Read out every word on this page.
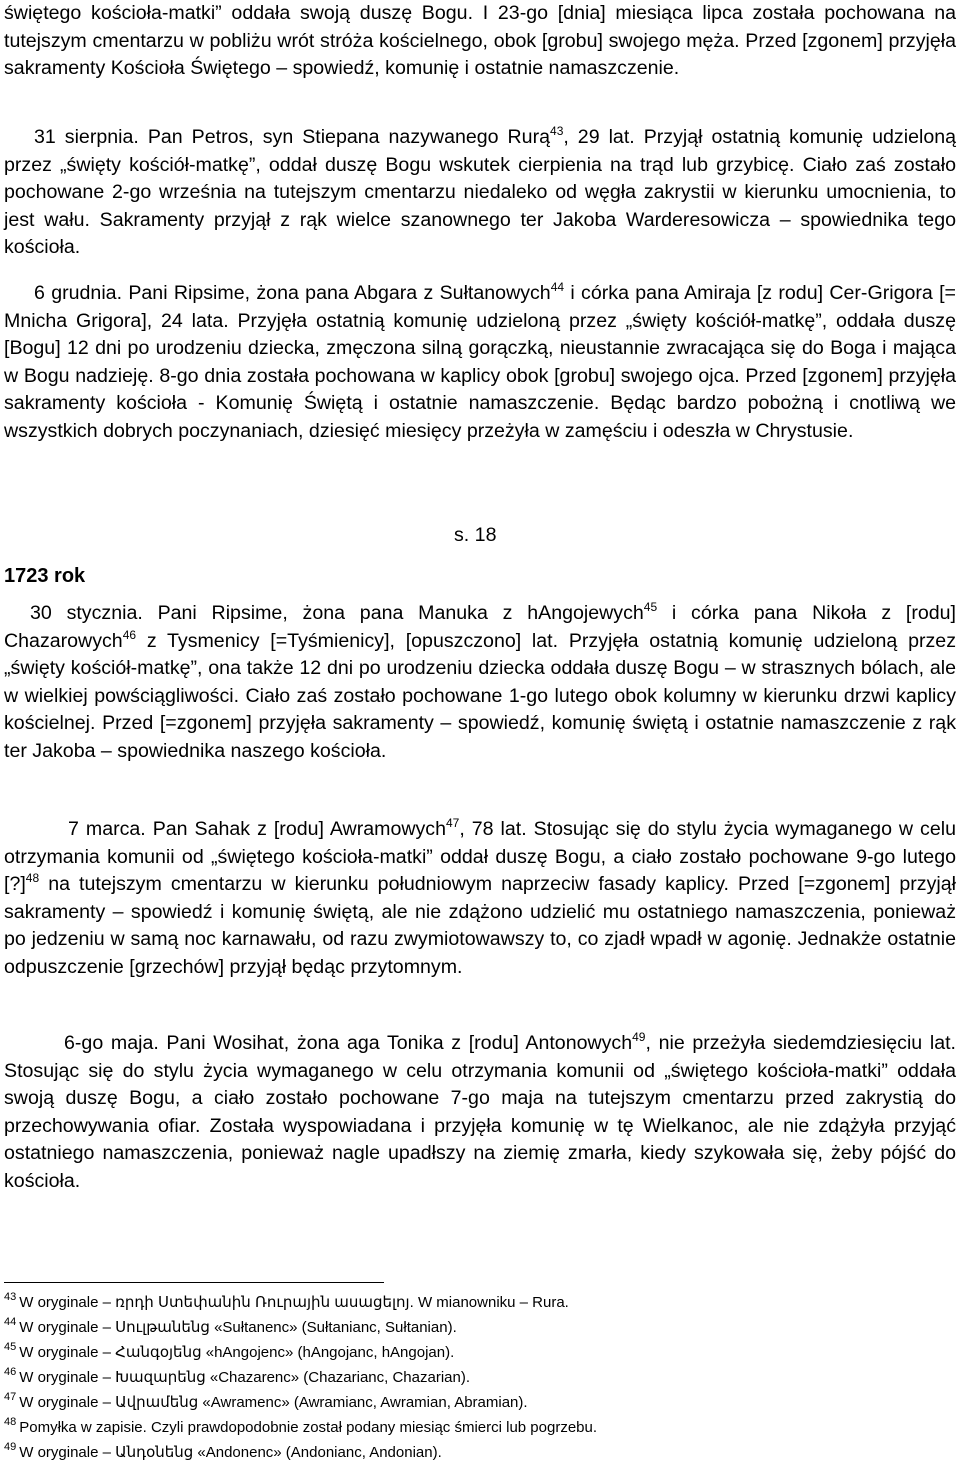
świętego kościoła-matki” oddała swoją duszę Bogu. I 23-go [dnia] miesiąca lipca została pochowana na tutejszym cmentarzu w pobliżu wrót stróża kościelnego, obok [grobu] swojego męża. Przed [zgonem] przyjęła sakramenty Kościoła Świętego – spowiedź, komunię i ostatnie namaszczenie.

31 sierpnia. Pan Petros, syn Stiepana nazywanego Rurą$^{43}$, 29 lat. Przyjął ostatnią komunię udzieloną przez „święty kościół-matkę”, oddał duszę Bogu wskutek cierpienia na trąd lub grzybicę. Ciało zaś zostało pochowane 2-go września na tutejszym cmentarzu niedaleko od węgła zakrystii w kierunku umocnienia, to jest wału. Sakramenty przyjął z rąk wielce szanownego ter Jakoba Warderesowicza – spowiednika tego kościoła.

6 grudnia. Pani Ripsime, żona pana Abgara z Sułtanowych$^{44}$ i córka pana Amiraja [z rodu] Cer-Grigora [= Mnicha Grigora], 24 lata. Przyjęła ostatnią komunię udzieloną przez „święty kościół-matkę”, oddała duszę [Bogu] 12 dni po urodzeniu dziecka, zmęczona silną gorączką, nieustannie zwracająca się do Boga i mająca w Bogu nadzieję. 8-go dnia została pochowana w kaplicy obok [grobu] swojego ojca. Przed [zgonem] przyjęła sakramenty kościoła - Komunię Świętą i ostatnie namaszczenie. Będąc bardzo pobożną i cnotliwą we wszystkich dobrych poczynaniach, dziesięć miesięcy przeżyła w zamęściu i odeszła w Chrystusie.

s. 18
1723 rok

30 stycznia. Pani Ripsime, żona pana Manuka z hAngojewych$^{45}$ i córka pana Nikoła z [rodu] Chazarowych$^{46}$ z Tysmenicy [=Tyśmienicy], [opuszczono] lat. Przyjęła ostatnią komunię udzieloną przez „święty kościół-matkę”, ona także 12 dni po urodzeniu dziecka oddała duszę Bogu – w strasznych bólach, ale w wielkiej powściągliwości. Ciało zaś zostało pochowane 1-go lutego obok kolumny w kierunku drzwi kaplicy kościelnej. Przed [=zgonem] przyjęła sakramenty – spowiedź, komunię świętą i ostatnie namaszczenie z rąk ter Jakoba – spowiednika naszego kościoła.

7 marca. Pan Sahak z [rodu] Awramowych$^{47}$, 78 lat. Stosując się do stylu życia wymaganego w celu otrzymania komunii od „świętego kościoła-matki” oddał duszę Bogu, a ciało zostało pochowane 9-go lutego [?]$^{48}$ na tutejszym cmentarzu w kierunku południowym naprzeciw fasady kaplicy. Przed [=zgonem] przyjął sakramenty – spowiedź i komunię świętą, ale nie zdążono udzielić mu ostatniego namaszczenia, ponieważ po jedzeniu w samą noc karnawału, od razu zwymiotowawszy to, co zjadł wpadł w agonię. Jednakże ostatnie odpuszczenie [grzechów] przyjął będąc przytomnym.

6-go maja. Pani Wosihat, żona aga Tonika z [rodu] Antonowych$^{49}$, nie przeżyła siedemdziesięciu lat. Stosując się do stylu życia wymaganego w celu otrzymania komunii od „świętego kościoła-matki” oddała swoją duszę Bogu, a ciało zostało pochowane 7-go maja na tutejszym cmentarzu przed zakrystią do przechowywania ofiar. Została wyspowiadana i przyjęła komunię w tę Wielkanoc, ale nie zdążyła przyjąć ostatniego namaszczenia, ponieważ nagle upadłszy na ziemię zmarła, kiedy szykowała się, żeby pójść do kościoła.

$^{43}$ W oryginale – ռրդի Ստեփանին Ռուրային ասացելոյ. W mianowniku – Rura.
$^{44}$ W oryginale – Սուլթանենց «Sułtanenc» (Sułtanianc, Sułtanian).
$^{45}$ W oryginale – Հանգօյենց «hAngojenc» (hAngojanc, hAngojan).
$^{46}$ W oryginale – Խազարենց «Chazarenc» (Chazarianc, Chazarian).
$^{47}$ W oryginale – Ավրամենց «Awramenc» (Awramianc, Awramian, Abramian).
$^{48}$ Pomyłka w zapisie. Czyli prawdopodobnie został podany miesiąc śmierci lub pogrzebu.
$^{49}$ W oryginale – Անդօնենց «Andonenc» (Andonianc, Andonian).
